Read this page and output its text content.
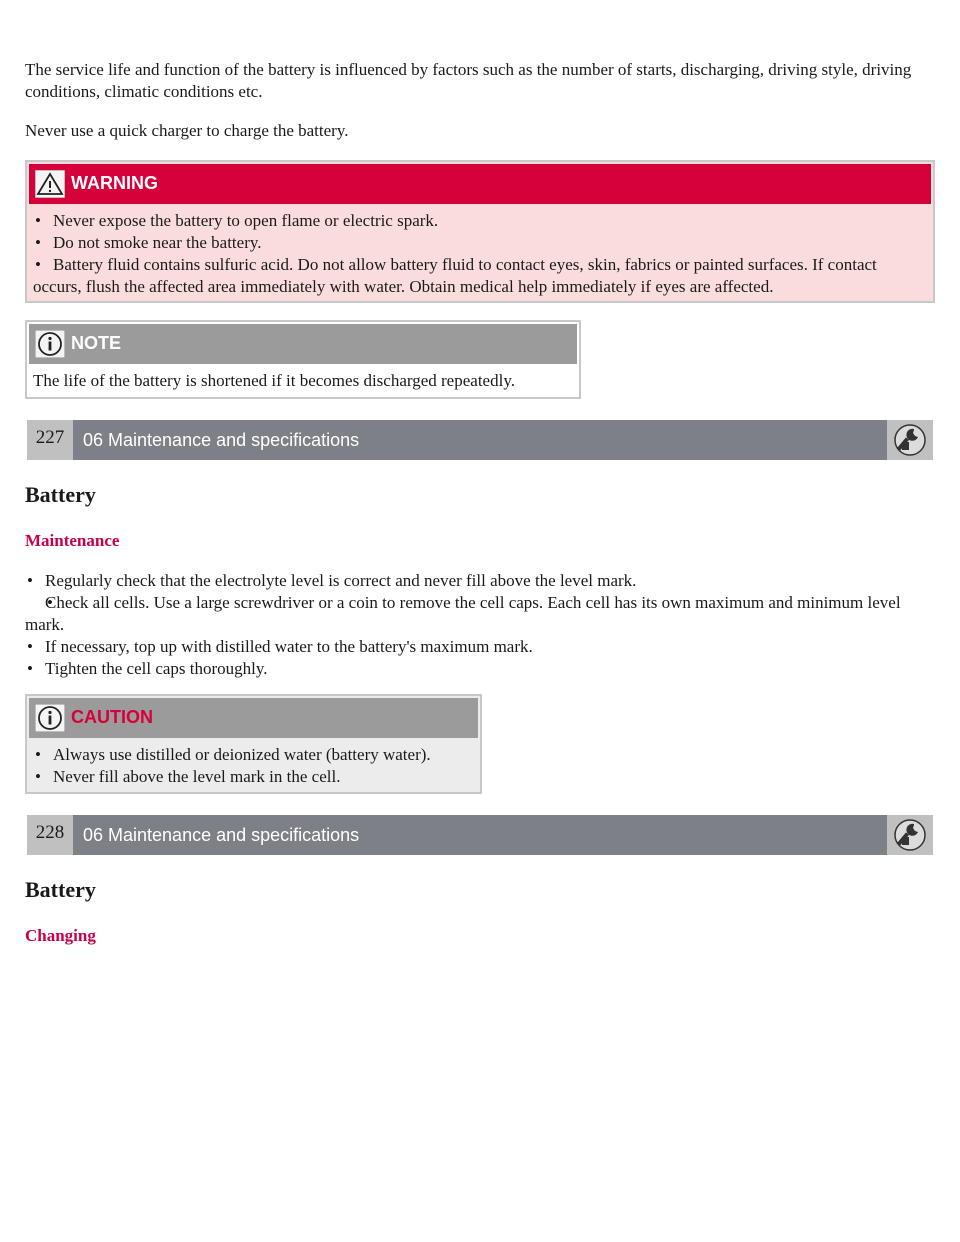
The service life and function of the battery is influenced by factors such as the number of starts, discharging, driving style, driving conditions, climatic conditions etc.

Never use a quick charger to charge the battery.

WARNING
• Never expose the battery to open flame or electric spark.
• Do not smoke near the battery.
• Battery fluid contains sulfuric acid. Do not allow battery fluid to contact eyes, skin, fabrics or painted surfaces. If contact occurs, flush the affected area immediately with water. Obtain medical help immediately if eyes are affected.
NOTE

The life of the battery is shortened if it becomes discharged repeatedly.

227	06 Maintenance and specifications
Battery
Maintenance
• Regularly check that the electrolyte level is correct and never fill above the level mark.
• Check all cells. Use a large screwdriver or a coin to remove the cell caps. Each cell has its own maximum and minimum level mark.
• If necessary, top up with distilled water to the battery's maximum mark.
• Tighten the cell caps thoroughly.
CAUTION
• Always use distilled or deionized water (battery water).
• Never fill above the level mark in the cell.
228	06 Maintenance and specifications
Battery
Changing
